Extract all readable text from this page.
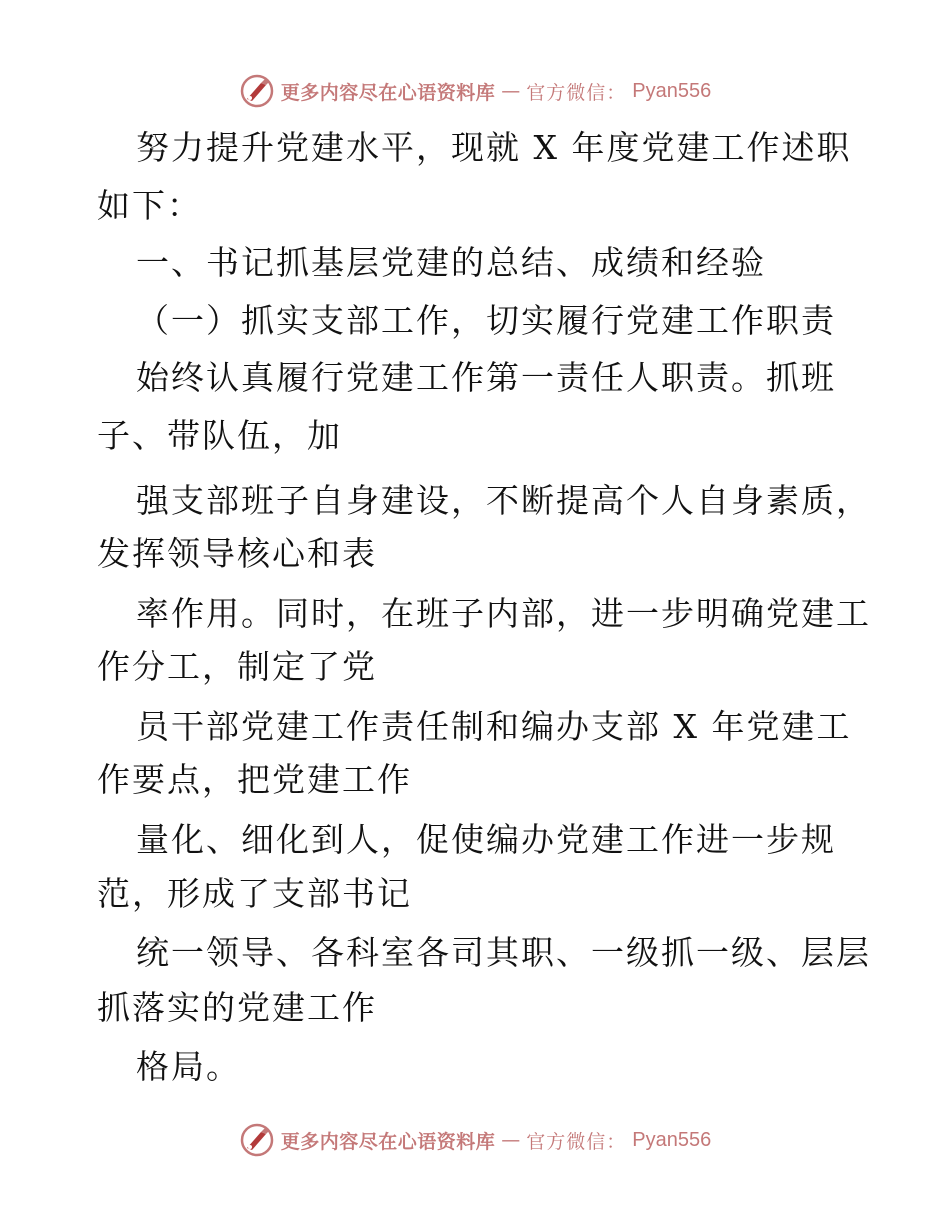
更多内容尽在心语资料库 — 官方微信： Pyan556
努力提升党建水平，现就 X 年度党建工作述职
如下：
一、书记抓基层党建的总结、成绩和经验
（一）抓实支部工作，切实履行党建工作职责
始终认真履行党建工作第一责任人职责。抓班
子、带队伍，加
强支部班子自身建设，不断提高个人自身素质，
发挥领导核心和表
率作用。同时，在班子内部，进一步明确党建工
作分工，制定了党
员干部党建工作责任制和编办支部 X 年党建工
作要点，把党建工作
量化、细化到人，促使编办党建工作进一步规
范，形成了支部书记
统一领导、各科室各司其职、一级抓一级、层层
抓落实的党建工作
格局。
更多内容尽在心语资料库 — 官方微信： Pyan556
